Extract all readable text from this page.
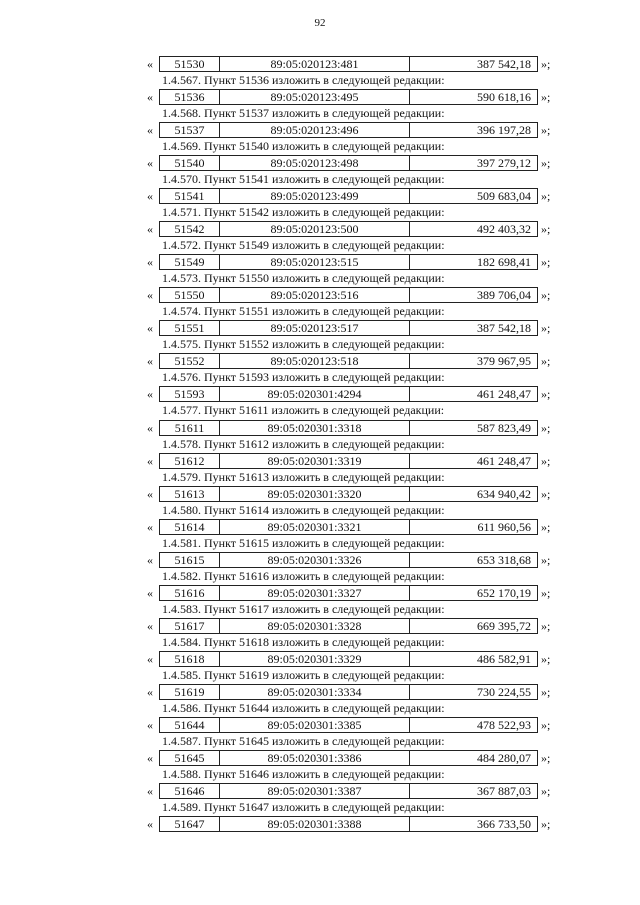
92
«	51530	89:05:020123:481	387 542,18 »;
1.4.567. Пункт 51536 изложить в следующей редакции:
«	51536	89:05:020123:495	590 618,16 »;
1.4.568. Пункт 51537 изложить в следующей редакции:
«	51537	89:05:020123:496	396 197,28 »;
1.4.569. Пункт 51540 изложить в следующей редакции:
«	51540	89:05:020123:498	397 279,12 »;
1.4.570. Пункт 51541 изложить в следующей редакции:
«	51541	89:05:020123:499	509 683,04 »;
1.4.571. Пункт 51542 изложить в следующей редакции:
«	51542	89:05:020123:500	492 403,32 »;
1.4.572. Пункт 51549 изложить в следующей редакции:
«	51549	89:05:020123:515	182 698,41 »;
1.4.573. Пункт 51550 изложить в следующей редакции:
«	51550	89:05:020123:516	389 706,04 »;
1.4.574. Пункт 51551 изложить в следующей редакции:
«	51551	89:05:020123:517	387 542,18 »;
1.4.575. Пункт 51552 изложить в следующей редакции:
«	51552	89:05:020123:518	379 967,95 »;
1.4.576. Пункт 51593 изложить в следующей редакции:
«	51593	89:05:020301:4294	461 248,47 »;
1.4.577. Пункт 51611 изложить в следующей редакции:
«	51611	89:05:020301:3318	587 823,49 »;
1.4.578. Пункт 51612 изложить в следующей редакции:
«	51612	89:05:020301:3319	461 248,47 »;
1.4.579. Пункт 51613 изложить в следующей редакции:
«	51613	89:05:020301:3320	634 940,42 »;
1.4.580. Пункт 51614 изложить в следующей редакции:
«	51614	89:05:020301:3321	611 960,56 »;
1.4.581. Пункт 51615 изложить в следующей редакции:
«	51615	89:05:020301:3326	653 318,68 »;
1.4.582. Пункт 51616 изложить в следующей редакции:
«	51616	89:05:020301:3327	652 170,19 »;
1.4.583. Пункт 51617 изложить в следующей редакции:
«	51617	89:05:020301:3328	669 395,72 »;
1.4.584. Пункт 51618 изложить в следующей редакции:
«	51618	89:05:020301:3329	486 582,91 »;
1.4.585. Пункт 51619 изложить в следующей редакции:
«	51619	89:05:020301:3334	730 224,55 »;
1.4.586. Пункт 51644 изложить в следующей редакции:
«	51644	89:05:020301:3385	478 522,93 »;
1.4.587. Пункт 51645 изложить в следующей редакции:
«	51645	89:05:020301:3386	484 280,07 »;
1.4.588. Пункт 51646 изложить в следующей редакции:
«	51646	89:05:020301:3387	367 887,03 »;
1.4.589. Пункт 51647 изложить в следующей редакции:
«	51647	89:05:020301:3388	366 733,50 »;
